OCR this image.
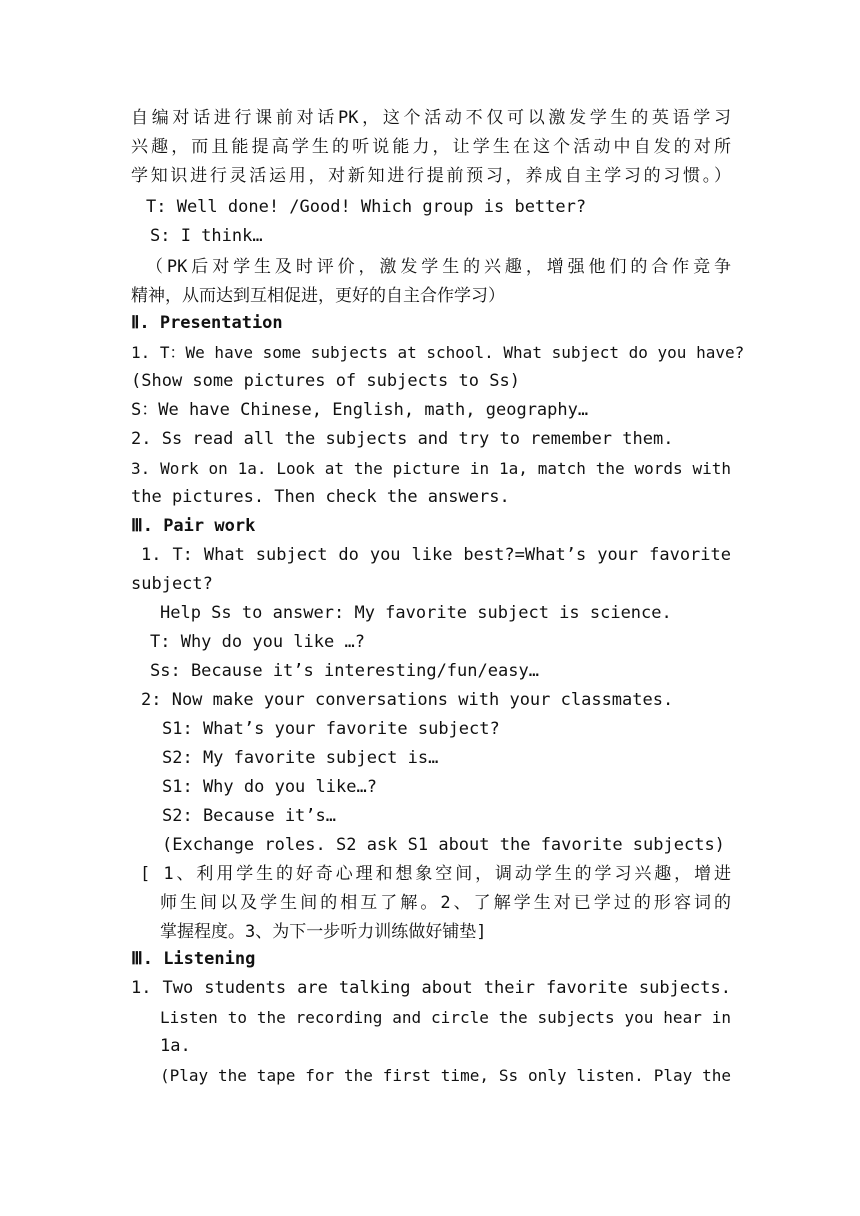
自编对话进行课前对话PK，这个活动不仅可以激发学生的英语学习

兴趣，而且能提高学生的听说能力，让学生在这个活动中自发的对所

学知识进行灵活运用，对新知进行提前预习，养成自主学习的习惯。）

T: Well done! /Good! Which group is better?

S: I think…

（PK后对学生及时评价，激发学生的兴趣，增强他们的合作竞争

精神，从而达到互相促进，更好的自主合作学习）

Ⅱ. Presentation

1. T：We have some subjects at school. What subject do you have?

(Show some pictures of subjects to Ss)

S：We have Chinese, English, math, geography…

2. Ss read all the subjects and try to remember them.

3. Work on 1a. Look at the picture in 1a, match the words with

the pictures. Then check the answers.

Ⅲ. Pair work

1. T: What subject do you like best?=What’s your favorite

subject?

Help Ss to answer: My favorite subject is science.

T: Why do you like …?

Ss: Because it’s interesting/fun/easy…

2: Now make your conversations with your classmates.

S1: What’s your favorite subject?

S2: My favorite subject is…

S1: Why do you like…?

S2: Because it’s…

(Exchange roles. S2 ask S1 about the favorite subjects)

[ 1、利用学生的好奇心理和想象空间，调动学生的学习兴趣，增进

师生间以及学生间的相互了解。2、了解学生对已学过的形容词的

掌握程度。3、为下一步听力训练做好铺垫]

Ⅲ. Listening

1. Two students are talking about their favorite subjects.

Listen to the recording and circle the subjects you hear in

1a.

(Play the tape for the first time, Ss only listen. Play the
